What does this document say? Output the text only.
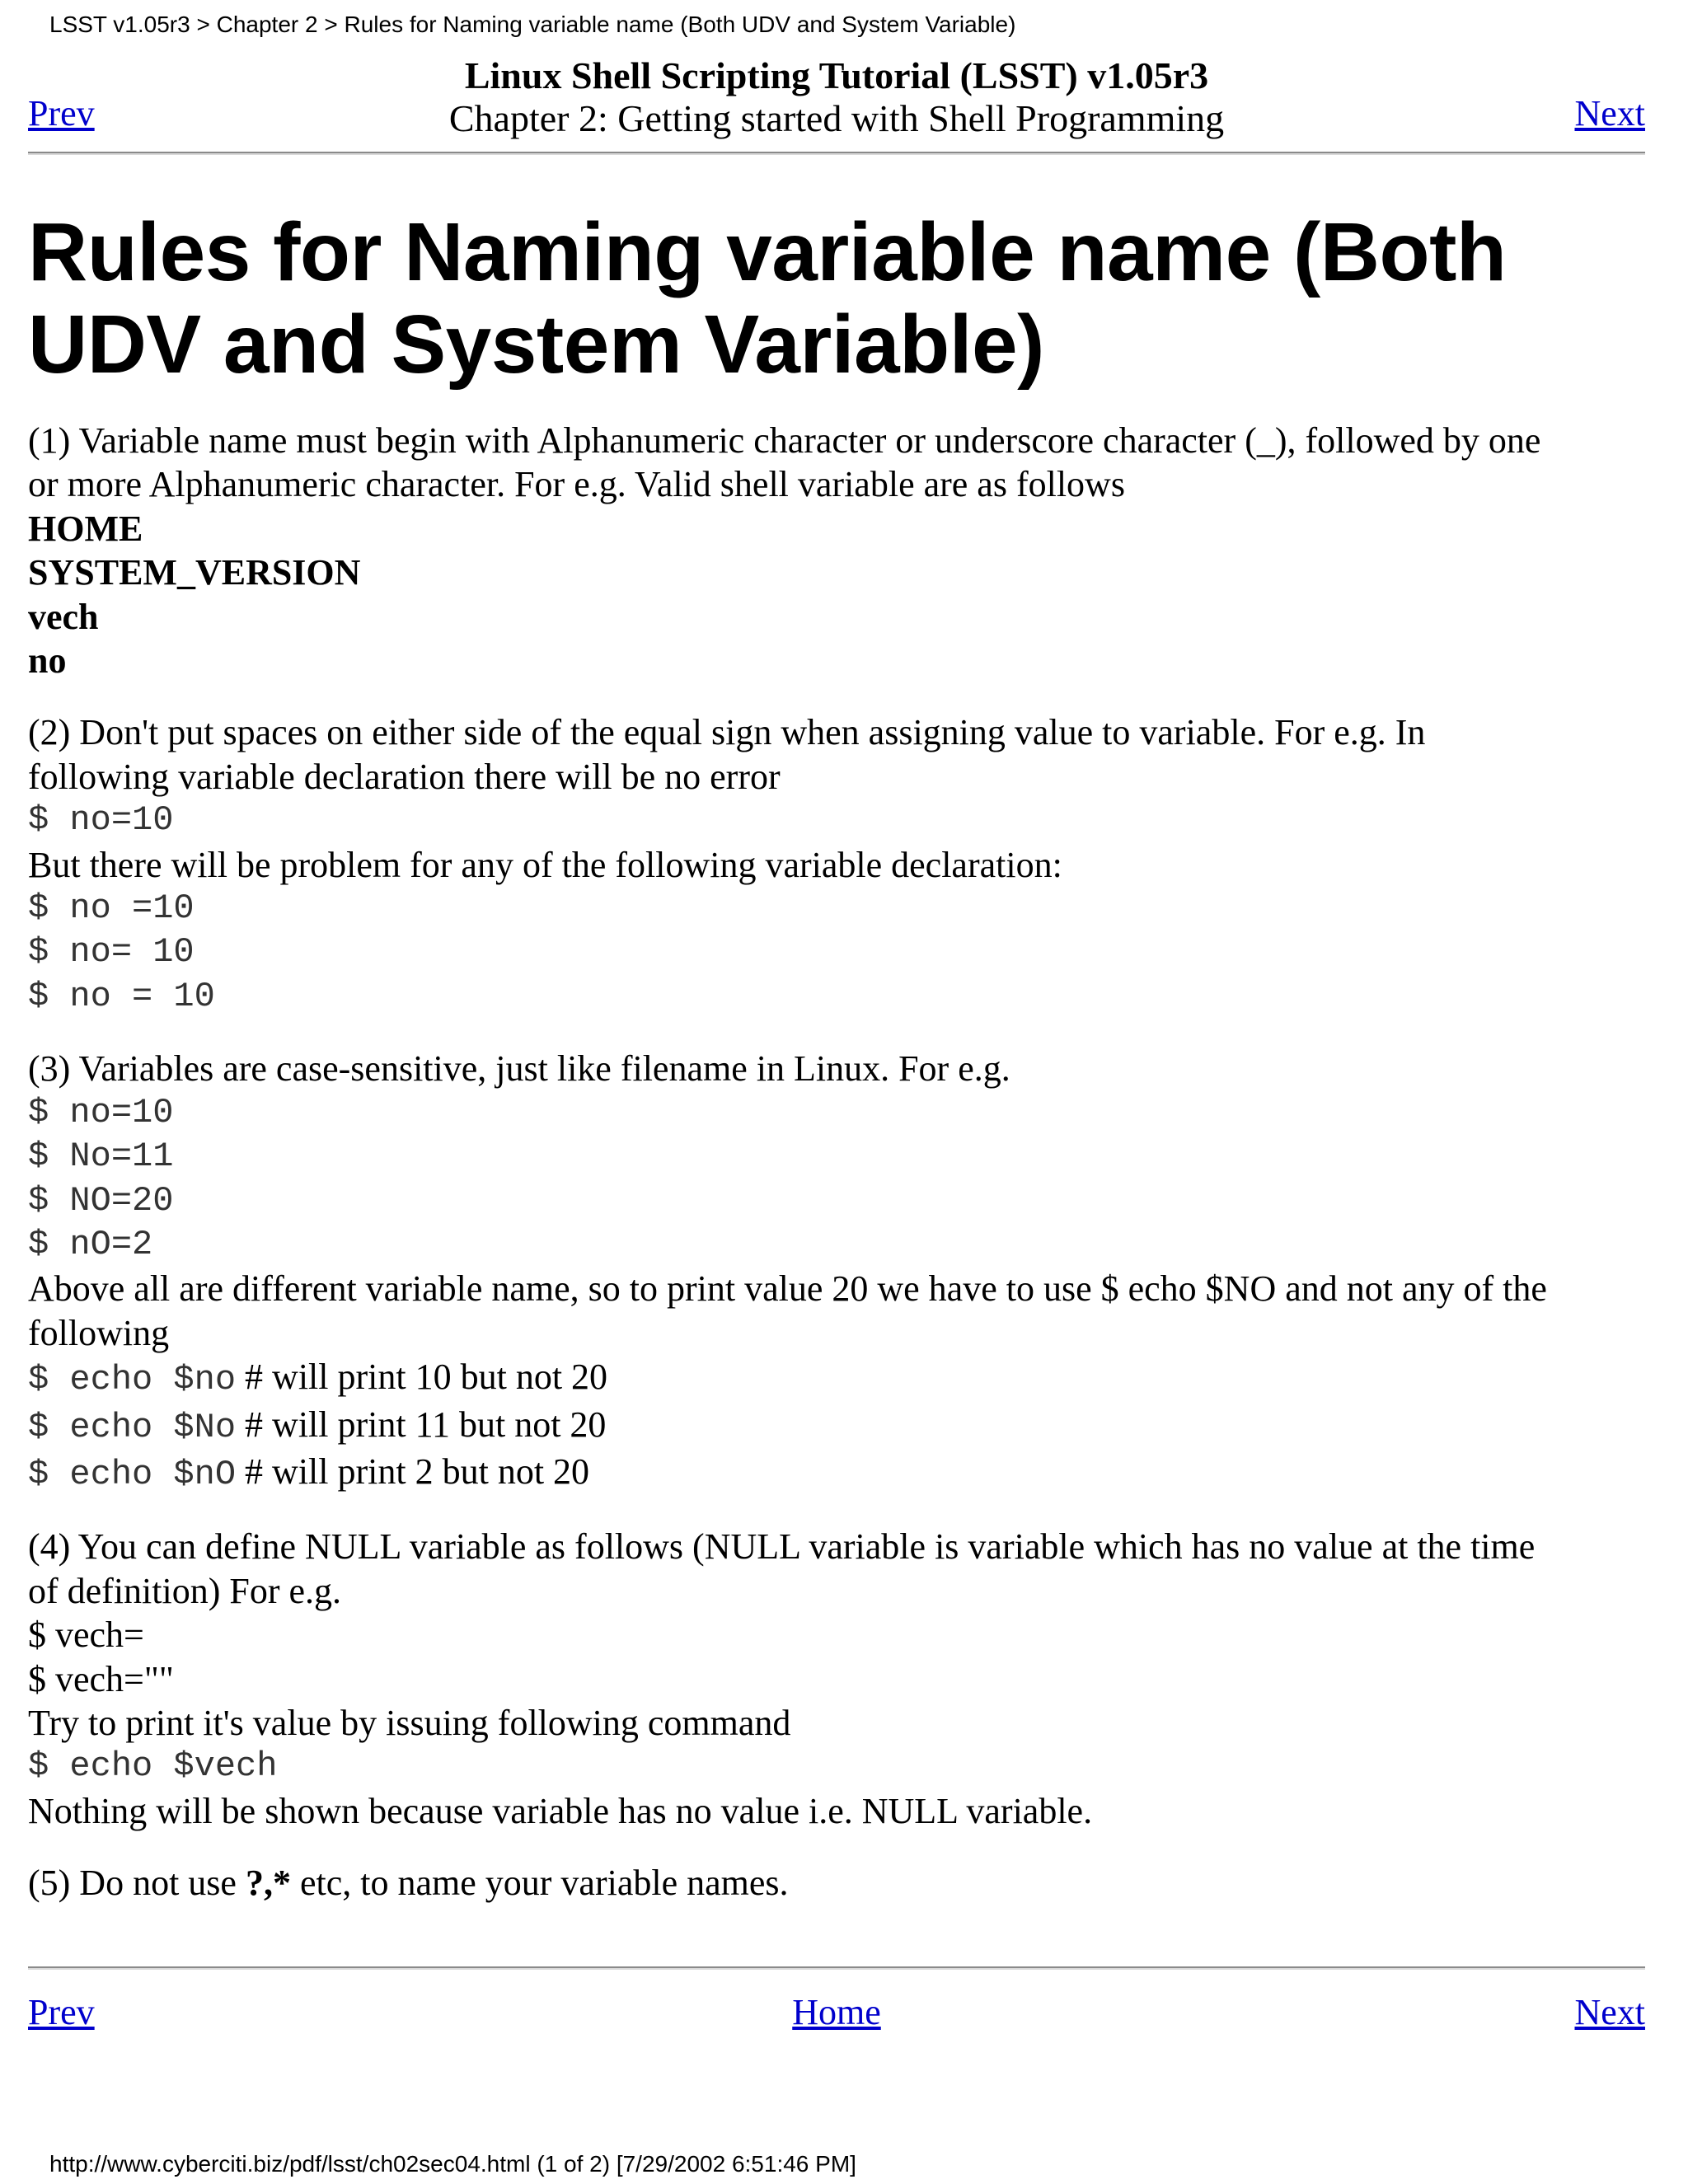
LSST v1.05r3 > Chapter 2 > Rules for Naming variable name (Both UDV and System Variable)
Prev
Linux Shell Scripting Tutorial (LSST) v1.05r3
Chapter 2: Getting started with Shell Programming	Next
Rules for Naming variable name (Both
UDV and System Variable)
(1) Variable name must begin with Alphanumeric character or underscore character (_), followed by one
or more Alphanumeric character. For e.g. Valid shell variable are as follows
HOME
SYSTEM_VERSION
vech
no
(2) Don't put spaces on either side of the equal sign when assigning value to variable. For e.g. In
following variable declaration there will be no error
$ no=10
But there will be problem for any of the following variable declaration:
$ no =10
$ no= 10
$ no = 10
(3) Variables are case-sensitive, just like filename in Linux. For e.g.
$ no=10
$ No=11
$ NO=20
$ nO=2
Above all are different variable name, so to print value 20 we have to use $ echo $NO and not any of the
following
$ echo $no # will print 10 but not 20
$ echo $No # will print 11 but not 20
$ echo $nO # will print 2 but not 20
(4) You can define NULL variable as follows (NULL variable is variable which has no value at the time
of definition) For e.g.
$ vech=
$ vech=""
Try to print it's value by issuing following command
$ echo $vech
Nothing will be shown because variable has no value i.e. NULL variable.
(5) Do not use ?,* etc, to name your variable names.
Prev	Home	Next
http://www.cyberciti.biz/pdf/lsst/ch02sec04.html (1 of 2) [7/29/2002 6:51:46 PM]
